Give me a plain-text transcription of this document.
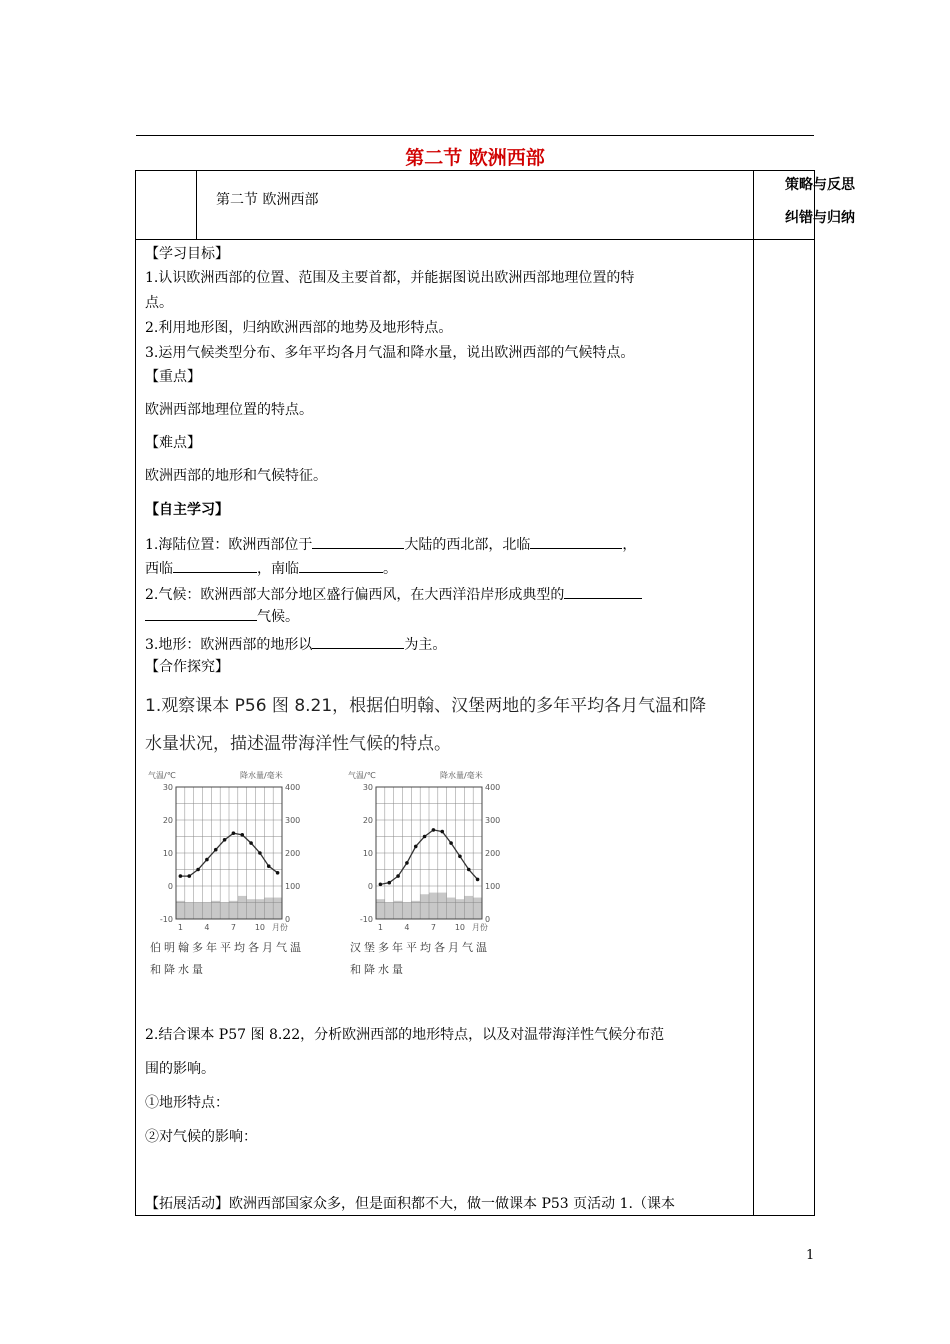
第二节 欧洲西部
第二节 欧洲西部
策略与反思
纠错与归纳
【学习目标】
1.认识欧洲西部的位置、范围及主要首都，并能据图说出欧洲西部地理位置的特
点。
2.利用地形图，归纳欧洲西部的地势及地形特点。
3.运用气候类型分布、多年平均各月气温和降水量，说出欧洲西部的气候特点。
【重点】
欧洲西部地理位置的特点。
【难点】
欧洲西部的地形和气候特征。
【自主学习】
1.海陆位置：欧洲西部位于	大陆的西北部，北临	，
西临	，南临	。
2.气候：欧洲西部大部分地区盛行偏西风，在大西洋沿岸形成典型的
气候。
3.地形：欧洲西部的地形以	为主。
【合作探究】
1.观察课本 P56 图 8.21，根据伯明翰、汉堡两地的多年平均各月气温和降
水量状况，描述温带海洋性气候的特点。
气温/℃	降水量/毫米
30
20
10
0
-10
400
300
200
100
0
1	4	7 10 月份
伯明翰多年平均各月气温
和降水量
气温/℃	降水量/毫米
30
20
10
0
-10
400
300
200
100
0
1	4	7 10 月份
汉堡多年平均各月气温
和降水量
2.结合课本 P57 图 8.22，分析欧洲西部的地形特点，以及对温带海洋性气候分布范
围的影响。
①地形特点：
②对气候的影响：
【拓展活动】欧洲西部国家众多，但是面积都不大，做一做课本 P53 页活动 1.（课本
1
